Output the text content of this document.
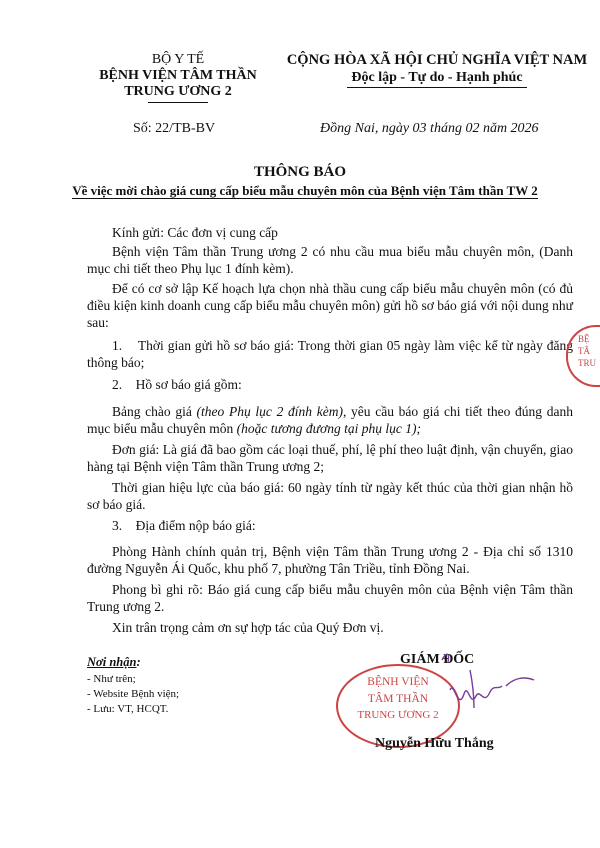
BỘ Y TẾ
BỆNH VIỆN TÂM THẦN
TRUNG ƯƠNG 2
Số: 22/TB-BV
CỘNG HÒA XÃ HỘI CHỦ NGHĨA VIỆT NAM
Độc lập - Tự do - Hạnh phúc
Đồng Nai, ngày 03 tháng 02 năm 2026
THÔNG BÁO
Về việc mời chào giá cung cấp biểu mẫu chuyên môn của Bệnh viện Tâm thần TW 2
Kính gửi: Các đơn vị cung cấp
Bệnh viện Tâm thần Trung ương 2 có nhu cầu mua biểu mẫu chuyên môn, (Danh mục chi tiết theo Phụ lục 1 đính kèm).
Để có cơ sở lập Kế hoạch lựa chọn nhà thầu cung cấp biểu mẫu chuyên môn (có đủ điều kiện kinh doanh cung cấp biểu mẫu chuyên môn) gửi hồ sơ báo giá với nội dung như sau:
1. Thời gian gửi hồ sơ báo giá: Trong thời gian 05 ngày làm việc kể từ ngày đăng thông báo;
2. Hồ sơ báo giá gồm:
Bảng chào giá (theo Phụ lục 2 đính kèm), yêu cầu báo giá chi tiết theo đúng danh mục biểu mẫu chuyên môn (hoặc tương đương tại phụ lục 1);
Đơn giá: Là giá đã bao gồm các loại thuế, phí, lệ phí theo luật định, vận chuyển, giao hàng tại Bệnh viện Tâm thần Trung ương 2;
Thời gian hiệu lực của báo giá: 60 ngày tính từ ngày kết thúc của thời gian nhận hồ sơ báo giá.
3. Địa điểm nộp báo giá:
Phòng Hành chính quản trị, Bệnh viện Tâm thần Trung ương 2 - Địa chỉ số 1310 đường Nguyễn Ái Quốc, khu phố 7, phường Tân Triều, tỉnh Đồng Nai.
Phong bì ghi rõ: Báo giá cung cấp biểu mẫu chuyên môn của Bệnh viện Tâm thần Trung ương 2.
Xin trân trọng cảm ơn sự hợp tác của Quý Đơn vị.
Nơi nhận:
- Như trên;
- Website Bệnh viện;
- Lưu: VT, HCQT.
GIÁM ĐỐC
BỆ
TÂ
TRU
BỆNH VIỆN
TÂM THẦN
TRUNG ƯƠNG 2
Nguyễn Hữu Thắng
